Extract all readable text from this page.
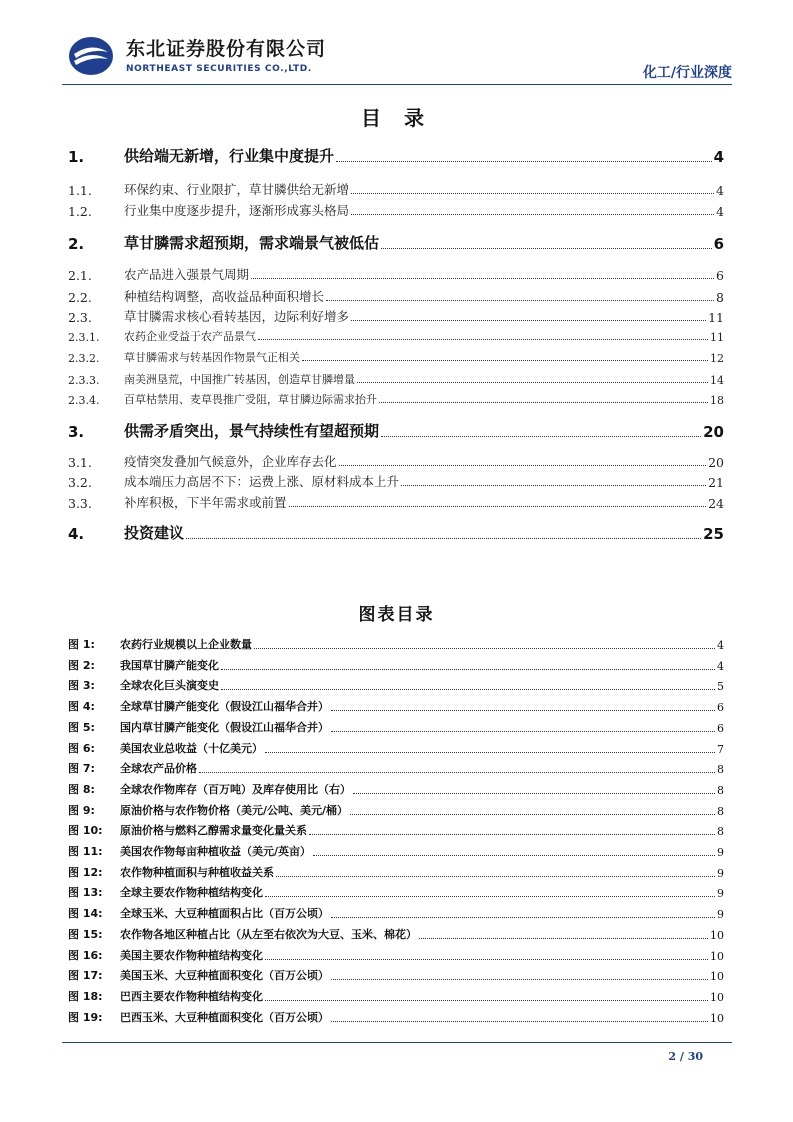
东北证券股份有限公司
NORTHEAST SECURITIES CO.,LTD.	化工/行业深度
目 录
1.	供给端无新增，行业集中度提升	4
1.1.	环保约束、行业限扩，草甘膦供给无新增	4
1.2.	行业集中度逐步提升，逐渐形成寡头格局	4
2.	草甘膦需求超预期，需求端景气被低估	6
2.1.	农产品进入强景气周期	6
2.2.	种植结构调整，高收益品种面积增长	8
2.3.	草甘膦需求核心看转基因，边际利好增多	11
2.3.1.	农药企业受益于农产品景气	11
2.3.2.	草甘膦需求与转基因作物景气正相关	12
2.3.3.	南美洲垦荒，中国推广转基因，创造草甘膦增量	14
2.3.4.	百草枯禁用、麦草畏推广受阻，草甘膦边际需求抬升	18
3.	供需矛盾突出，景气持续性有望超预期	20
3.1.	疫情突发叠加气候意外，企业库存去化	20
3.2.	成本端压力高居不下：运费上涨、原材料成本上升	21
3.3.	补库积极，下半年需求或前置	24
4.	投资建议	25
图表目录
图 1:	农药行业规模以上企业数量	4
图 2:	我国草甘膦产能变化	4
图 3:	全球农化巨头演变史	5
图 4:	全球草甘膦产能变化（假设江山福华合并）	6
图 5:	国内草甘膦产能变化（假设江山福华合并）	6
图 6:	美国农业总收益（十亿美元）	7
图 7:	全球农产品价格	8
图 8:	全球农作物库存（百万吨）及库存使用比（右）	8
图 9:	原油价格与农作物价格（美元/公吨、美元/桶）	8
图 10:	原油价格与燃料乙醇需求量变化量关系	8
图 11:	美国农作物每亩种植收益（美元/英亩）	9
图 12:	农作物种植面积与种植收益关系	9
图 13:	全球主要农作物种植结构变化	9
图 14:	全球玉米、大豆种植面积占比（百万公顷）	9
图 15:	农作物各地区种植占比（从左至右依次为大豆、玉米、棉花）	10
图 16:	美国主要农作物种植结构变化	10
图 17:	美国玉米、大豆种植面积变化（百万公顷）	10
图 18:	巴西主要农作物种植结构变化	10
图 19:	巴西玉米、大豆种植面积变化（百万公顷）	10
2 / 30
